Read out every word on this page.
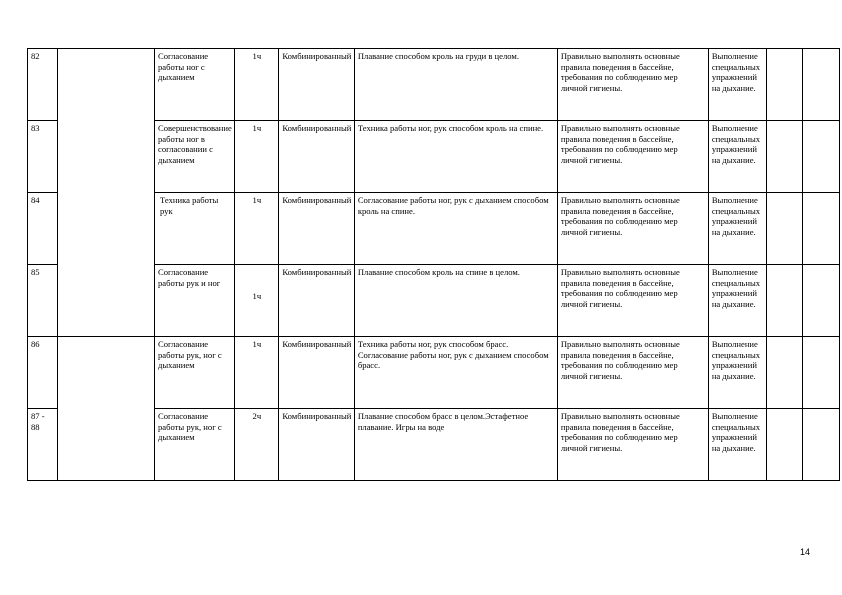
82		Согласование работы ног с дыханием	1ч	Комбинированный	Плавание способом кроль на груди в целом.	Правильно выполнять основные правила поведения в бассейне, требования по соблюдению мер личной гигиены.	Выполнение специальных упражнений на дыхание.		
83		Совершенствование работы ног в согласовании с дыханием	1ч	Комбинированный	Техника работы ног, рук способом кроль на спине.	Правильно выполнять основные правила поведения в бассейне, требования по соблюдению мер личной гигиены.	Выполнение специальных упражнений на дыхание.		
84		Техника работы рук	1ч	Комбинированный	Согласование работы ног, рук с дыханием способом кроль на спине.	Правильно выполнять основные правила поведения в бассейне, требования по соблюдению мер личной гигиены.	Выполнение специальных упражнений на дыхание.		
85		Согласование работы рук и ног	1ч	Комбинированный	Плавание способом кроль на спине в целом.	Правильно выполнять основные правила поведения в бассейне, требования по соблюдению мер личной гигиены.	Выполнение специальных упражнений на дыхание.		
86		Согласование работы рук, ног с дыханием	1ч	Комбинированный	Техника работы ног, рук способом брасс. Согласование работы ног, рук с дыханием способом брасс.	Правильно выполнять основные правила поведения в бассейне, требования по соблюдению мер личной гигиены.	Выполнение специальных упражнений на дыхание.		
87 - 88		Согласование работы рук, ног с дыханием	2ч	Комбинированный	Плавание способом брасс в целом.Эстафетное плавание. Игры на воде	Правильно выполнять основные правила поведения в бассейне, требования по соблюдению мер личной гигиены.	Выполнение специальных упражнений на дыхание.		
14
